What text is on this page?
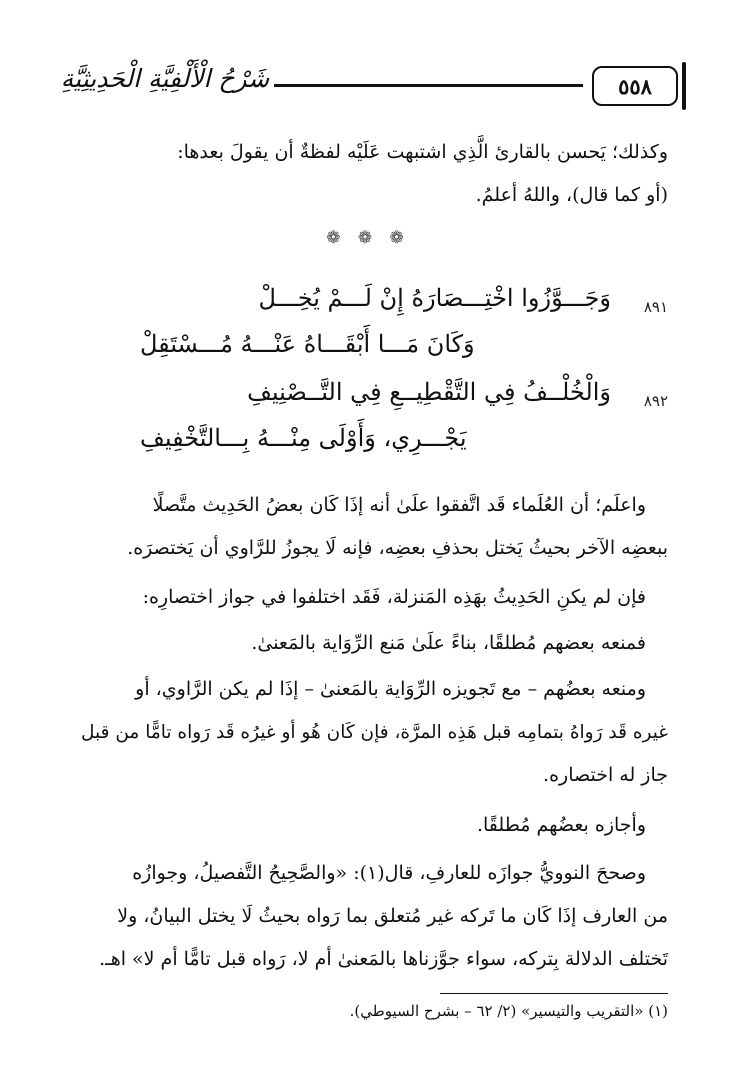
٥٥٨
شَرْحُ الْأَلْفِيَّةِ الْحَدِيثِيَّةِ
وكذلك؛ يَحسن بالقارئ الَّذِي اشتبهت عَلَيْه لفظةٌ أن يقولَ بعدها:
(أو كما قال)، واللهُ أعلمُ.
❁ ❁ ❁
٨٩١
وَجَـــوَّزُوا اخْتِـــصَارَهُ إِنْ لَـــمْ يُخِـــلْ
وَكَانَ مَـــا أَبْقَـــاهُ عَنْـــهُ مُـــسْتَقِلْ
٨٩٢
وَالْخُلْــفُ فِي التَّقْطِيــعِ فِي التَّــصْنِيفِ
يَجْـــرِي، وَأَوْلَى مِنْـــهُ بِـــالتَّخْفِيفِ
واعلَم؛ أن العُلَماء قَد اتَّفقوا علَىٰ أنه إذَا كَان بعضُ الحَدِيث متَّصلًا
ببعضِه الآخر بحيثُ يَختل بحذفِ بعضِه، فإنه لَا يجوزُ للرَّاوي أن يَختصرَه.
فإن لم يكنِ الحَدِيثُ بهَذِه المَنزلة، فَقَد اختلفوا في جواز اختصارِه:
فمنعه بعضهم مُطلقًا، بناءً علَىٰ مَنع الرِّوَاية بالمَعنىٰ.
ومنعه بعضُهم – مع تَجويزه الرِّوَاية بالمَعنىٰ – إذَا لم يكن الرَّاوي، أو
غيره قَد رَواهُ بتمامِه قبل هَذِه المرَّة، فإن كَان هُو أو غيرُه قَد رَواه تامًّا من قبل
جاز له اختصاره.
وأجازه بعضُهم مُطلقًا.
وصححَ النوويُّ جوازَه للعارفِ، قال(١): «والصَّحِيحُ التَّفصيلُ، وجوازُه
من العارف إذَا كَان ما تَركه غير مُتعلق بما رَواه بحيثُ لَا يختل البيانُ، ولا
تَختلف الدلالة بِتركه، سواء جوَّزناها بالمَعنىٰ أم لا، رَواه قبل تامًّا أم لا» اهـ.
(١) «التقريب والتيسير» (٢/ ٦٢ – بشرح السيوطي).
